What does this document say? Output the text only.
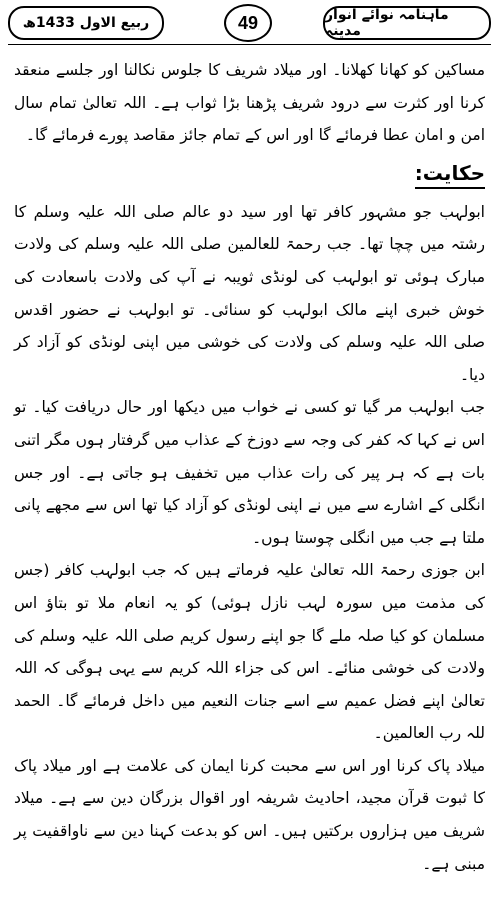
ربیع الاول 1433ھ	49	ماہنامہ نوائے انوار مدینہ

مساکین کو کھانا کھلانا۔ اور میلاد شریف کا جلوس نکالنا اور جلسے منعقد کرنا اور کثرت سے درود شریف پڑھنا بڑا ثواب ہے۔ اللہ تعالیٰ تمام سال امن و امان عطا فرمائے گا اور اس کے تمام جائز مقاصد پورے فرمائے گا۔

حکایت:

ابولہب جو مشہور کافر تھا اور سید دو عالم صلی اللہ علیہ وسلم کا رشتہ میں چچا تھا۔ جب رحمۃ للعالمین صلی اللہ علیہ وسلم کی ولادت مبارک ہوئی تو ابولہب کی لونڈی ثویبہ نے آپ کی ولادت باسعادت کی خوش خبری اپنے مالک ابولہب کو سنائی۔ تو ابولہب نے حضور اقدس صلی اللہ علیہ وسلم کی ولادت کی خوشی میں اپنی لونڈی کو آزاد کر دیا۔

جب ابولہب مر گیا تو کسی نے خواب میں دیکھا اور حال دریافت کیا۔ تو اس نے کہا کہ کفر کی وجہ سے دوزخ کے عذاب میں گرفتار ہوں مگر اتنی بات ہے کہ ہر پیر کی رات عذاب میں تخفیف ہو جاتی ہے۔ اور جس انگلی کے اشارے سے میں نے اپنی لونڈی کو آزاد کیا تھا اس سے مجھے پانی ملتا ہے جب میں انگلی چوستا ہوں۔

ابن جوزی رحمۃ اللہ تعالیٰ علیہ فرماتے ہیں کہ جب ابولہب کافر (جس کی مذمت میں سورہ لہب نازل ہوئی) کو یہ انعام ملا تو بتاؤ اس مسلمان کو کیا صلہ ملے گا جو اپنے رسول کریم صلی اللہ علیہ وسلم کی ولادت کی خوشی منائے۔ اس کی جزاء اللہ کریم سے یہی ہوگی کہ اللہ تعالیٰ اپنے فضل عمیم سے اسے جنات النعیم میں داخل فرمائے گا۔ الحمد للہ رب العالمین۔

میلاد پاک کرنا اور اس سے محبت کرنا ایمان کی علامت ہے اور میلاد پاک کا ثبوت قرآن مجید، احادیث شریفہ اور اقوال بزرگان دین سے ہے۔ میلاد شریف میں ہزاروں برکتیں ہیں۔ اس کو بدعت کہنا دین سے ناواقفیت پر مبنی ہے۔
